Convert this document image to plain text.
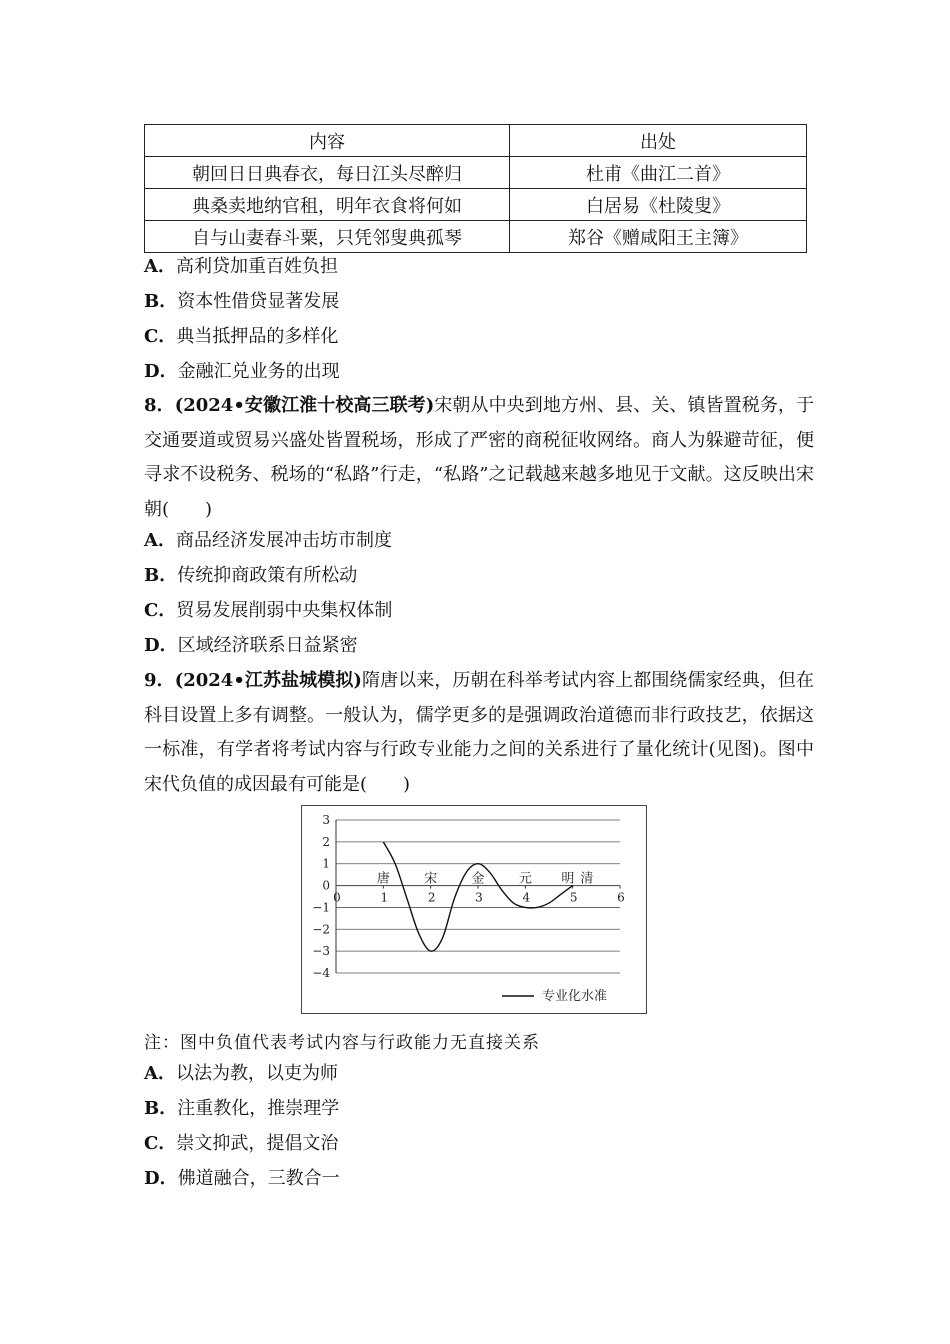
内容	出处
朝回日日典春衣，每日江头尽醉归	杜甫《曲江二首》
典桑卖地纳官租，明年衣食将何如	白居易《杜陵叟》
自与山妻春斗粟，只凭邻叟典孤琴	郑谷《赠咸阳王主簿》
A．高利贷加重百姓负担
B．资本性借贷显著发展
C．典当抵押品的多样化
D．金融汇兑业务的出现
8．(2024•安徽江淮十校高三联考)宋朝从中央到地方州、县、关、镇皆置税务，于交通要道或贸易兴盛处皆置税场，形成了严密的商税征收网络。商人为躲避苛征，便寻求不设税务、税场的“私路”行走，“私路”之记载越来越多地见于文献。这反映出宋朝(　　)
A．商品经济发展冲击坊市制度
B．传统抑商政策有所松动
C．贸易发展削弱中央集权体制
D．区域经济联系日益紧密
9．(2024•江苏盐城模拟)隋唐以来，历朝在科举考试内容上都围绕儒家经典，但在科目设置上多有调整。一般认为，儒学更多的是强调政治道德而非行政技艺，依据这一标准，有学者将考试内容与行政专业能力之间的关系进行了量化统计(见图)。图中宋代负值的成因最有可能是(　　)
3
2
1
0
−1
−2
−3
−4
0	1	2	3	4	5	6
唐	宋	金	元 明 清
专业化水准
注：图中负值代表考试内容与行政能力无直接关系
A．以法为教，以吏为师
B．注重教化，推崇理学
C．崇文抑武，提倡文治
D．佛道融合，三教合一
